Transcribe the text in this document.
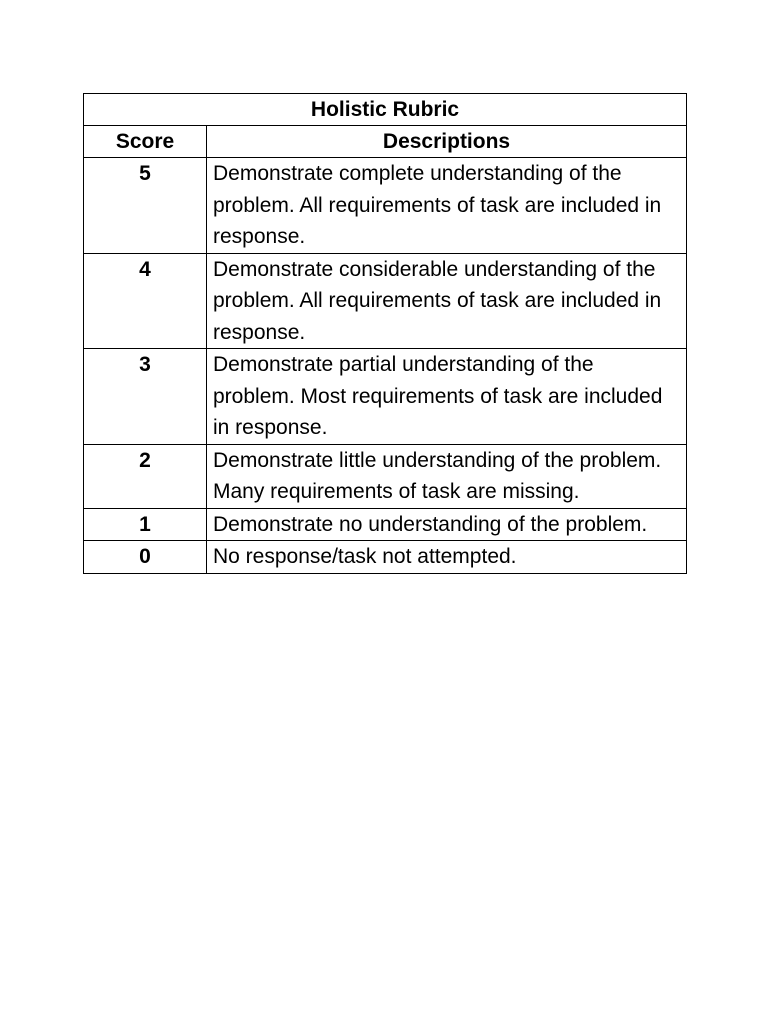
Holistic Rubric	
Score	Descriptions
5	Demonstrate complete understanding of the problem. All requirements of task are included in response.
4	Demonstrate considerable understanding of the problem. All requirements of task are included in response.
3	Demonstrate partial understanding of the problem. Most requirements of task are included in response.
2	Demonstrate little understanding of the problem. Many requirements of task are missing.
1	Demonstrate no understanding of the problem.
0	No response/task not attempted.
